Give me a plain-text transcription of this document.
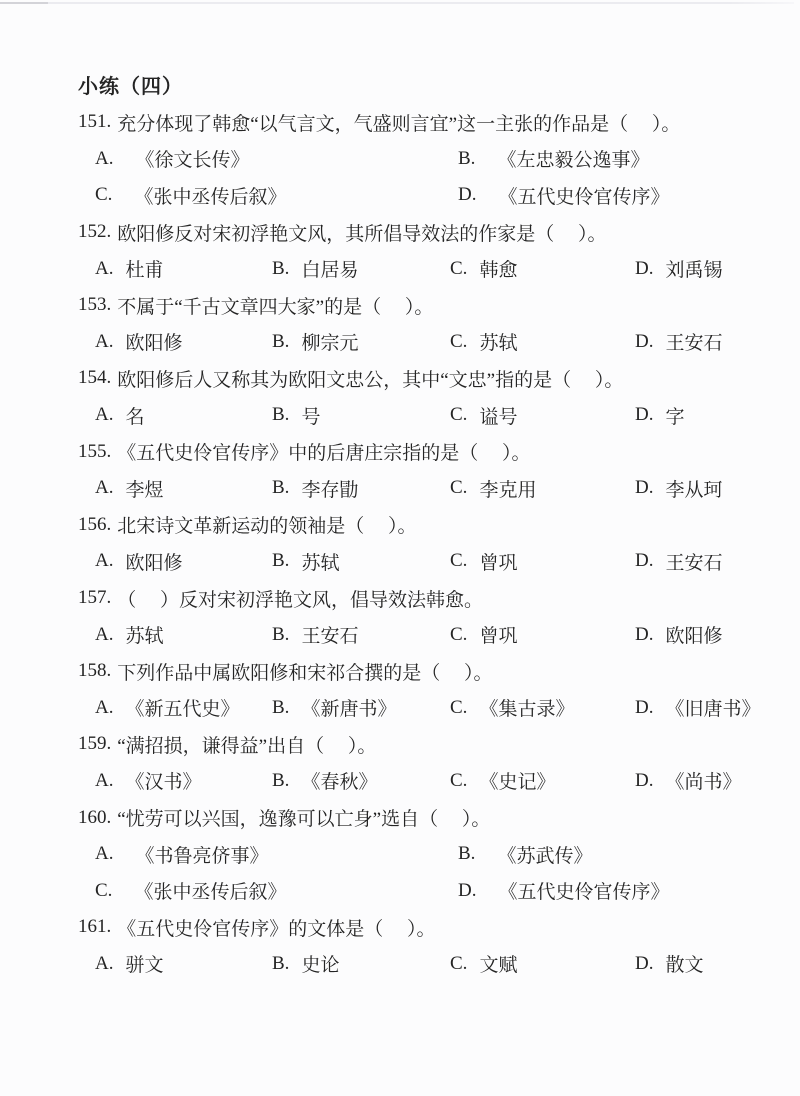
小练（四）
151. 充分体现了韩愈“以气言文，气盛则言宜”这一主张的作品是（　 ）。
A. 《徐文长传》	B. 《左忠毅公逸事》
C. 《张中丞传后叙》	D. 《五代史伶官传序》
152. 欧阳修反对宋初浮艳文风，其所倡导效法的作家是（　 ）。
A. 杜甫	B. 白居易	C. 韩愈	D. 刘禹锡
153. 不属于“千古文章四大家”的是（　 ）。
A. 欧阳修	B. 柳宗元	C. 苏轼	D. 王安石
154. 欧阳修后人又称其为欧阳文忠公，其中“文忠”指的是（　 ）。
A. 名	B. 号	C. 谥号	D. 字
155. 《五代史伶官传序》中的后唐庄宗指的是（　 ）。
A. 李煜	B. 李存勖	C. 李克用	D. 李从珂
156. 北宋诗文革新运动的领袖是（　 ）。
A. 欧阳修	B. 苏轼	C. 曾巩	D. 王安石
157. （　 ）反对宋初浮艳文风，倡导效法韩愈。
A. 苏轼	B. 王安石	C. 曾巩	D. 欧阳修
158. 下列作品中属欧阳修和宋祁合撰的是（　 ）。
A. 《新五代史》 B. 《新唐书》	C. 《集古录》	D. 《旧唐书》
159. “满招损，谦得益”出自（　 ）。
A. 《汉书》	B. 《春秋》	C. 《史记》	D. 《尚书》
160. “忧劳可以兴国，逸豫可以亡身”选自（　 ）。
A. 《书鲁亮侪事》	B. 《苏武传》
C. 《张中丞传后叙》	D. 《五代史伶官传序》
161. 《五代史伶官传序》的文体是（　 ）。
A. 骈文	B. 史论	C. 文赋	D. 散文
